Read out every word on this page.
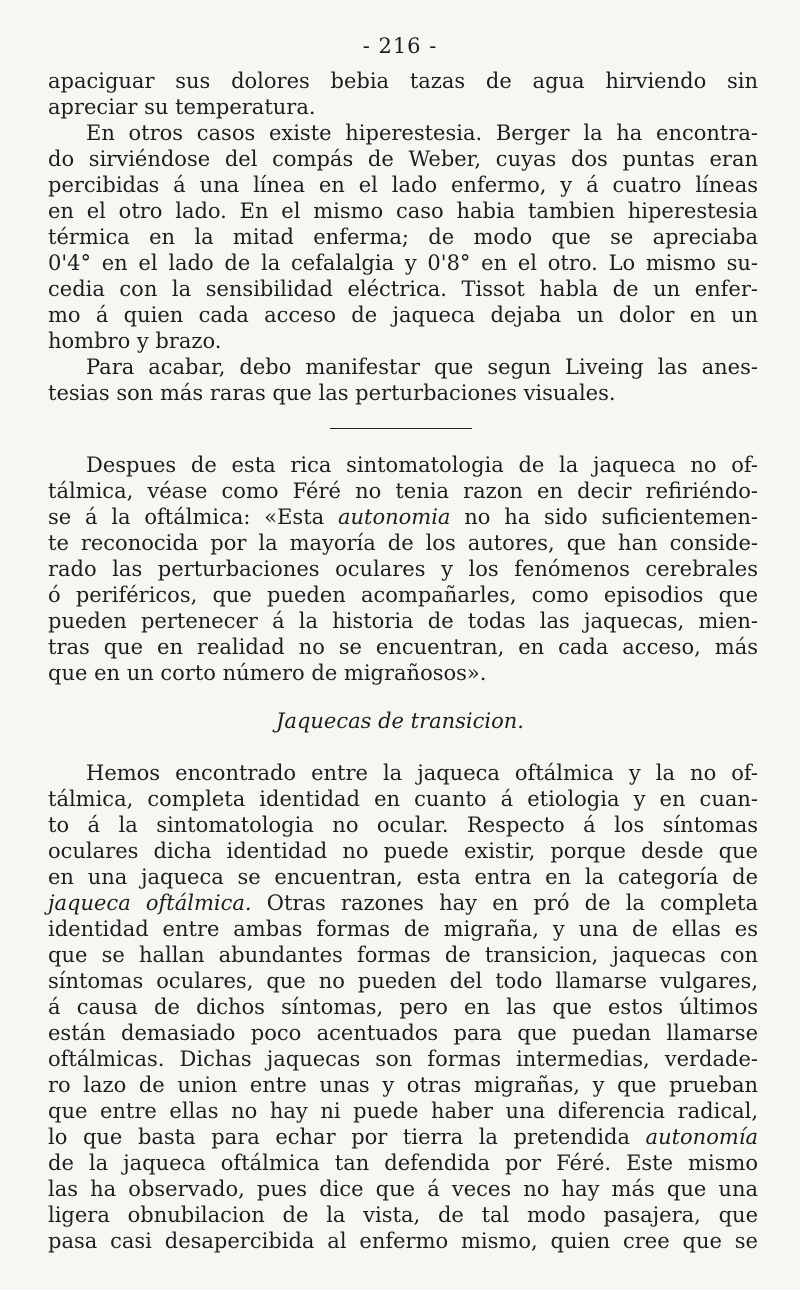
- 216 -
apaciguar sus dolores bebia tazas de agua hirviendo sin
apreciar su temperatura.
En otros casos existe hiperestesia. Berger la ha encontra-
do sirviéndose del compás de Weber, cuyas dos puntas eran
percibidas á una línea en el lado enfermo, y á cuatro líneas
en el otro lado. En el mismo caso habia tambien hiperestesia
térmica en la mitad enferma; de modo que se apreciaba
0'4° en el lado de la cefalalgia y 0'8° en el otro. Lo mismo su-
cedia con la sensibilidad eléctrica. Tissot habla de un enfer-
mo á quien cada acceso de jaqueca dejaba un dolor en un
hombro y brazo.
Para acabar, debo manifestar que segun Liveing las anes-
tesias son más raras que las perturbaciones visuales.
Despues de esta rica sintomatologia de la jaqueca no of-
tálmica, véase como Féré no tenia razon en decir refiriéndo-
se á la oftálmica: «Esta autonomia no ha sido suficientemen-
te reconocida por la mayoría de los autores, que han conside-
rado las perturbaciones oculares y los fenómenos cerebrales
ó periféricos, que pueden acompañarles, como episodios que
pueden pertenecer á la historia de todas las jaquecas, mien-
tras que en realidad no se encuentran, en cada acceso, más
que en un corto número de migrañosos».
Jaquecas de transicion.
Hemos encontrado entre la jaqueca oftálmica y la no of-
tálmica, completa identidad en cuanto á etiologia y en cuan-
to á la sintomatologia no ocular. Respecto á los síntomas
oculares dicha identidad no puede existir, porque desde que
en una jaqueca se encuentran, esta entra en la categoría de
jaqueca oftálmica. Otras razones hay en pró de la completa
identidad entre ambas formas de migraña, y una de ellas es
que se hallan abundantes formas de transicion, jaquecas con
síntomas oculares, que no pueden del todo llamarse vulgares,
á causa de dichos síntomas, pero en las que estos últimos
están demasiado poco acentuados para que puedan llamarse
oftálmicas. Dichas jaquecas son formas intermedias, verdade-
ro lazo de union entre unas y otras migrañas, y que prueban
que entre ellas no hay ni puede haber una diferencia radical,
lo que basta para echar por tierra la pretendida autonomía
de la jaqueca oftálmica tan defendida por Féré. Este mismo
las ha observado, pues dice que á veces no hay más que una
ligera obnubilacion de la vista, de tal modo pasajera, que
pasa casi desapercibida al enfermo mismo, quien cree que se
